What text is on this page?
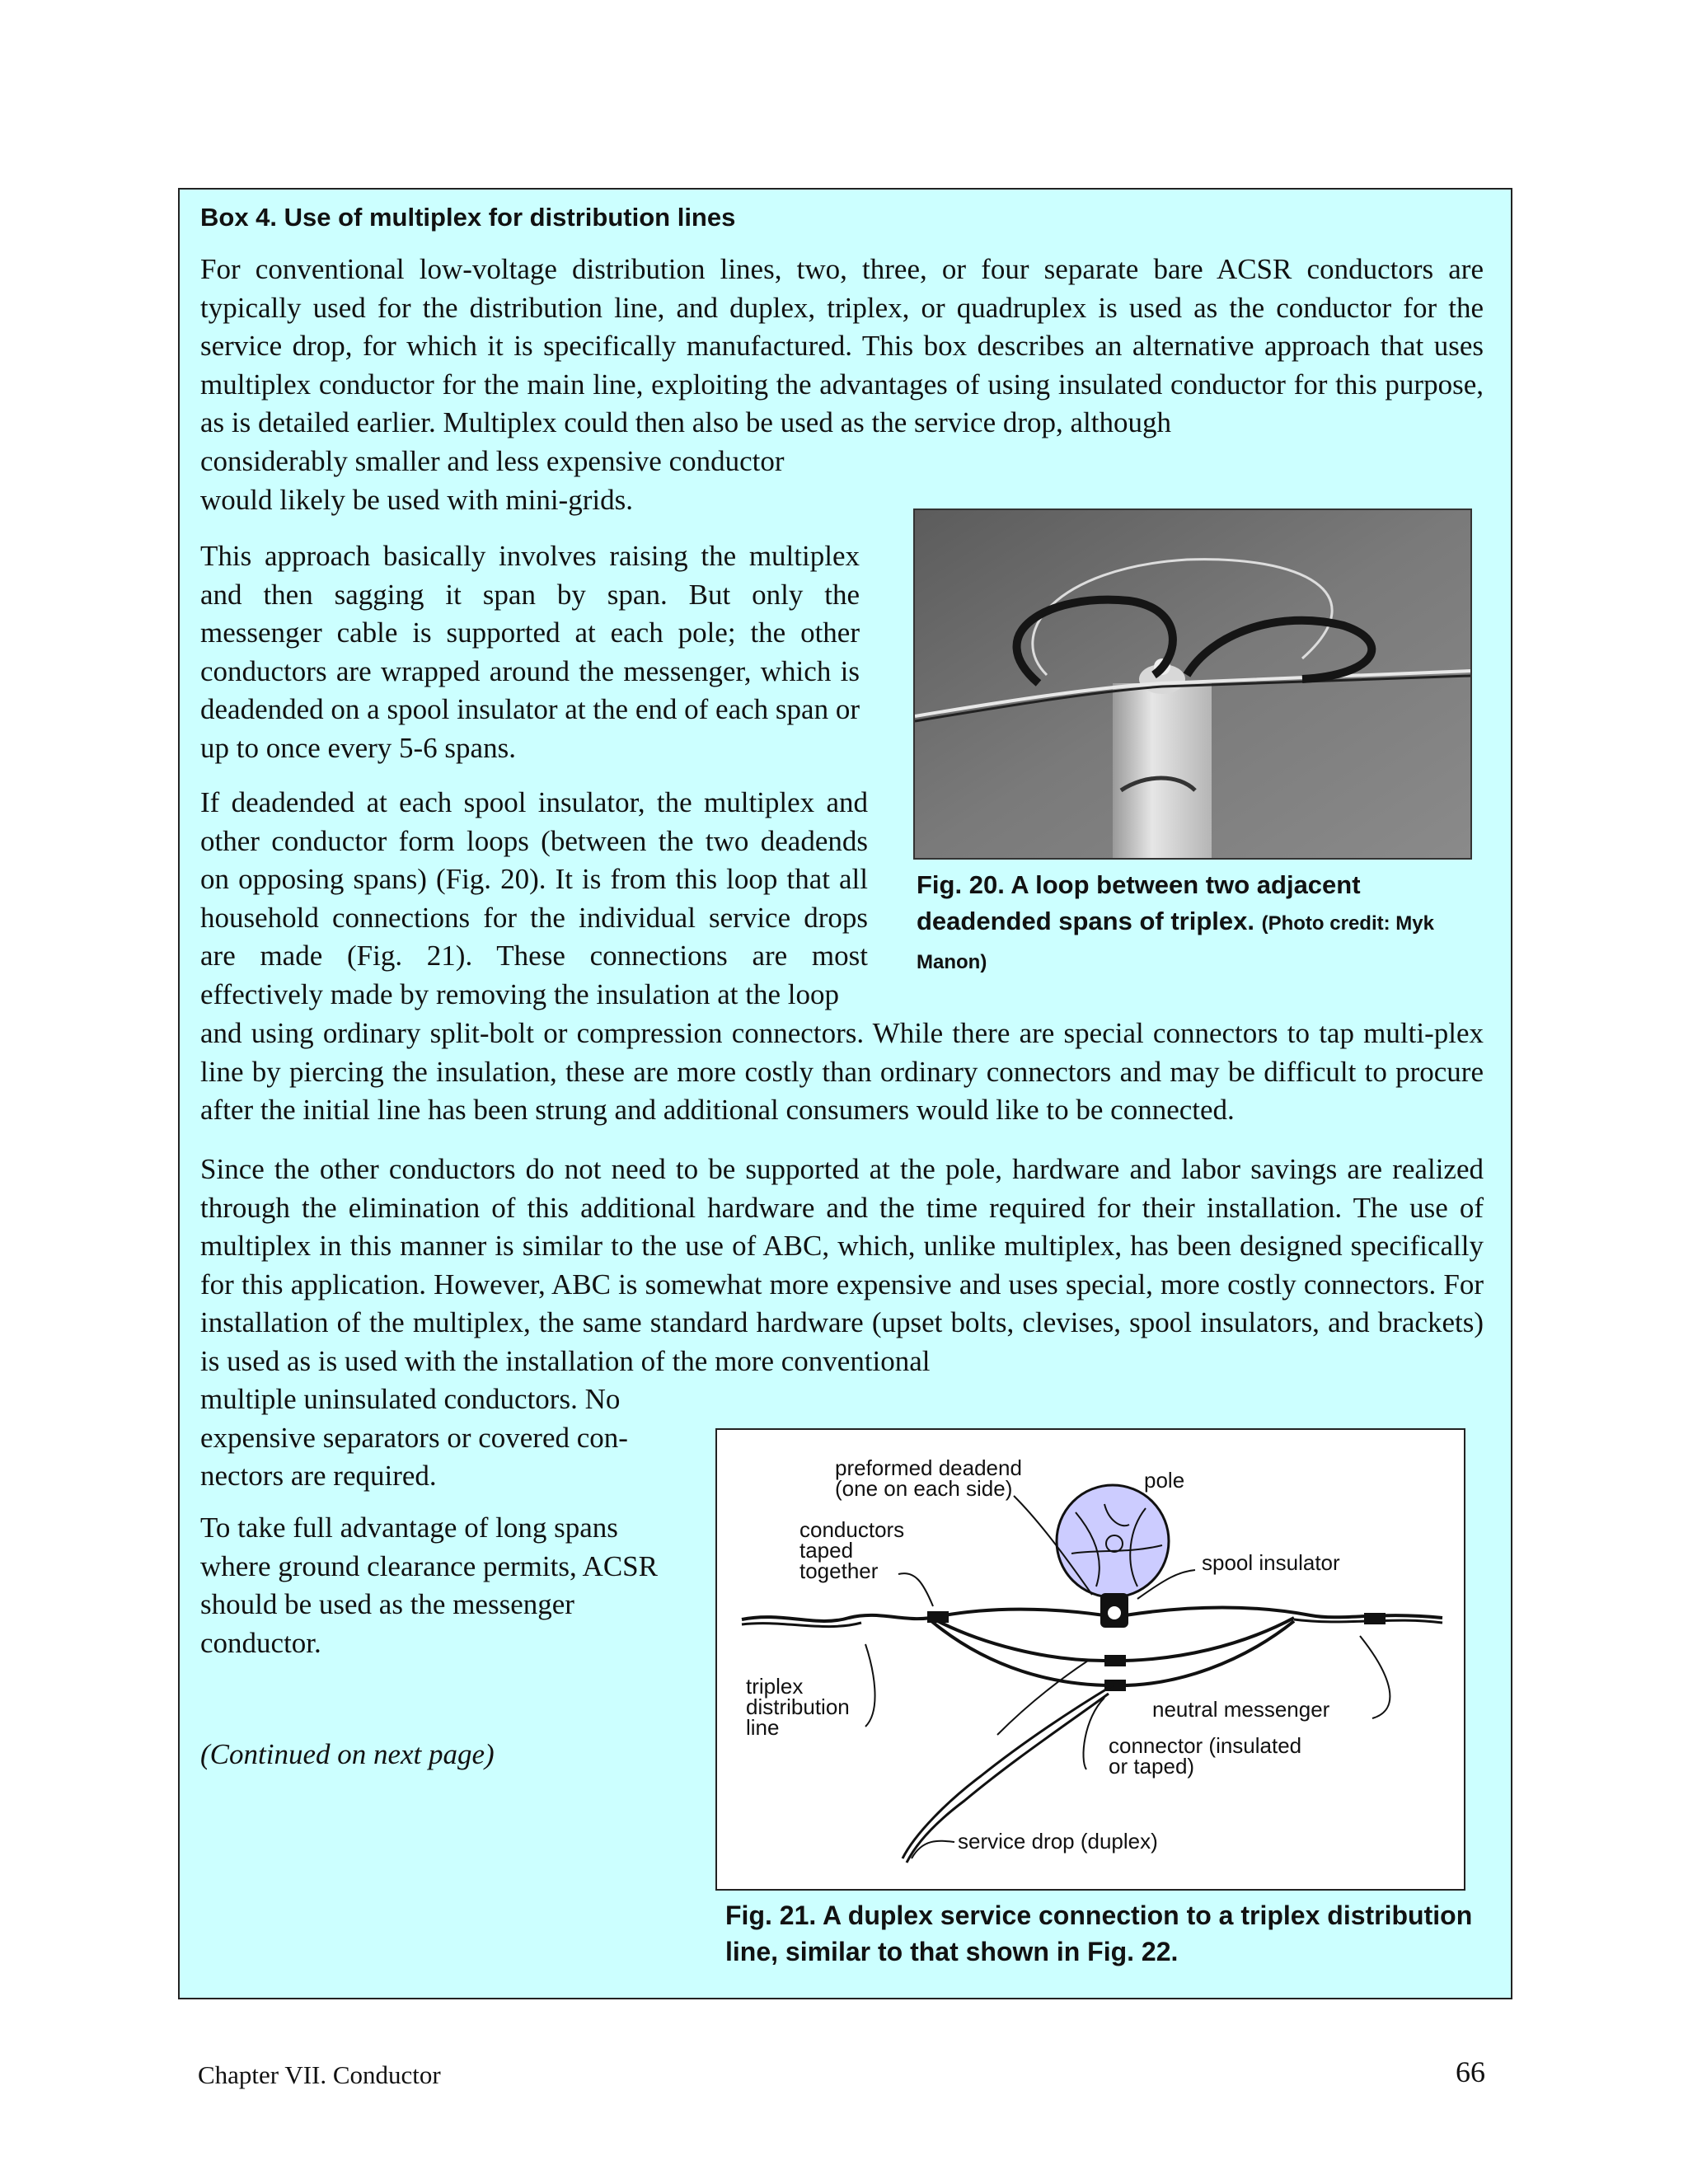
Box 4. Use of multiplex for distribution lines
For conventional low-voltage distribution lines, two, three, or four separate bare ACSR conductors are typically used for the distribution line, and duplex, triplex, or quadruplex is used as the conductor for the service drop, for which it is specifically manufactured. This box describes an alternative approach that uses multiplex conductor for the main line, exploiting the advantages of using insulated conductor for this purpose, as is detailed earlier. Multiplex could then also be used as the service drop, although
considerably smaller and less expensive conductor would likely be used with mini-grids.
This approach basically involves raising the multiplex and then sagging it span by span. But only the messenger cable is supported at each pole; the other conductors are wrapped around the messenger, which is deadended on a spool insulator at the end of each span or up to once every 5-6 spans.
If deadended at each spool insulator, the multiplex and other conductor form loops (between the two deadends on opposing spans) (Fig. 20). It is from this loop that all household connections for the individual service drops are made (Fig. 21). These connections are most effectively made by removing the insulation at the loop
and using ordinary split-bolt or compression connectors. While there are special connectors to tap multi-plex line by piercing the insulation, these are more costly than ordinary connectors and may be difficult to procure after the initial line has been strung and additional consumers would like to be connected.
Since the other conductors do not need to be supported at the pole, hardware and labor savings are realized through the elimination of this additional hardware and the time required for their installation. The use of multiplex in this manner is similar to the use of ABC, which, unlike multiplex, has been designed specifically for this application. However, ABC is somewhat more expensive and uses special, more costly connectors. For installation of the multiplex, the same standard hardware (upset bolts, clevises, spool insulators, and brackets) is used as is used with the installation of the more conventional
multiple uninsulated conductors. No expensive separators or covered con-nectors are required.
To take full advantage of long spans where ground clearance permits, ACSR should be used as the messenger conductor.
(Continued on next page)
Fig. 20. A loop between two adjacent deadended spans of triplex. (Photo credit: Myk Manon)
preformed deadend
(one on each side)	pole
conductors
taped
together	spool insulator
triplex
distribution
line
neutral messenger
connector (insulated
or taped)
service drop (duplex)
Fig. 21. A duplex service connection to a triplex distribution line, similar to that shown in Fig. 22.
Chapter VII. Conductor	66
